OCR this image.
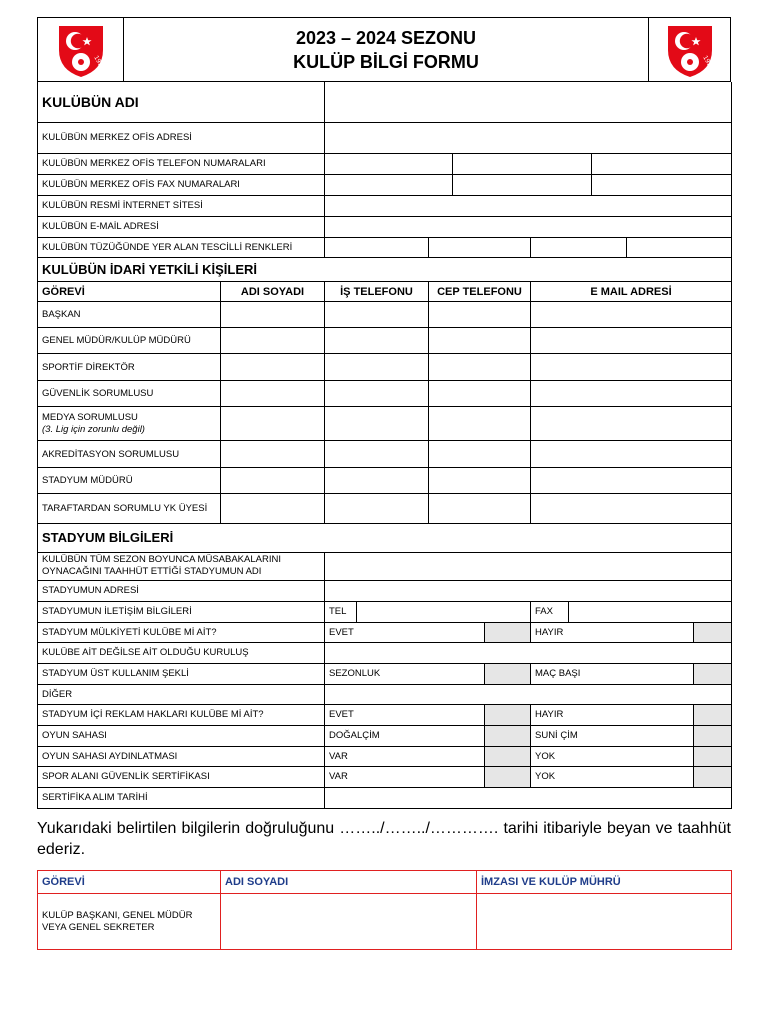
1923

2023 – 2024 SEZONU
KULÜP BİLGİ FORMU	1923
KULÜBÜN ADI						
KULÜBÜN MERKEZ OFİS ADRESİ						
KULÜBÜN MERKEZ OFİS TELEFON NUMARALARI						
KULÜBÜN MERKEZ OFİS FAX NUMARALARI						
KULÜBÜN RESMİ İNTERNET SİTESİ						
KULÜBÜN E-MAİL ADRESİ						
KULÜBÜN TÜZÜĞÜNDE YER ALAN TESCİLLİ RENKLERİ						
KULÜBÜN İDARİ YETKİLİ KİŞİLERİ				
GÖREVİ	ADI SOYADI	İŞ TELEFONU	CEP TELEFONU	E MAIL ADRESİ
BAŞKAN				
GENEL MÜDÜR/KULÜP MÜDÜRÜ				
SPORTİF DİREKTÖR				
GÜVENLİK SORUMLUSU				

MEDYA SORUMLUSU
(3. Lig için zorunlu değil)				

AKREDİTASYON SORUMLUSU				
STADYUM MÜDÜRÜ				
TARAFTARDAN SORUMLU YK ÜYESİ				
STADYUM BİLGİLERİ						

KULÜBÜN TÜM SEZON BOYUNCA MÜSABAKALARINI
OYNACAĞINI TAAHHÜT ETTİĞİ STADYUMUN ADI						

STADYUMUN ADRESİ						
STADYUMUN İLETİŞİM BİLGİLERİ	TEL			FAX		
STADYUM MÜLKİYETİ KULÜBE Mİ AİT?	EVET			HAYIR		
KULÜBE AİT DEĞİLSE AİT OLDUĞU KURULUŞ						
STADYUM ÜST KULLANIM ŞEKLİ	SEZONLUK			MAÇ BAŞI		
DİĞER						
STADYUM İÇİ REKLAM HAKLARI KULÜBE Mİ AİT?	EVET			HAYIR		
OYUN SAHASI	DOĞALÇİM			SUNİ ÇİM		
OYUN SAHASI AYDINLATMASI	VAR			YOK		
SPOR ALANI GÜVENLİK SERTİFİKASI	VAR			YOK		
SERTİFİKA ALIM TARİHİ						
Yukarıdaki belirtilen bilgilerin doğruluğunu ……../……../…………. tarihi itibariyle beyan ve taahhüt ederiz.
GÖREVİ	ADI SOYADI	İMZASI VE KULÜP MÜHRÜ

KULÜP BAŞKANI, GENEL MÜDÜR
VEYA GENEL SEKRETER		
